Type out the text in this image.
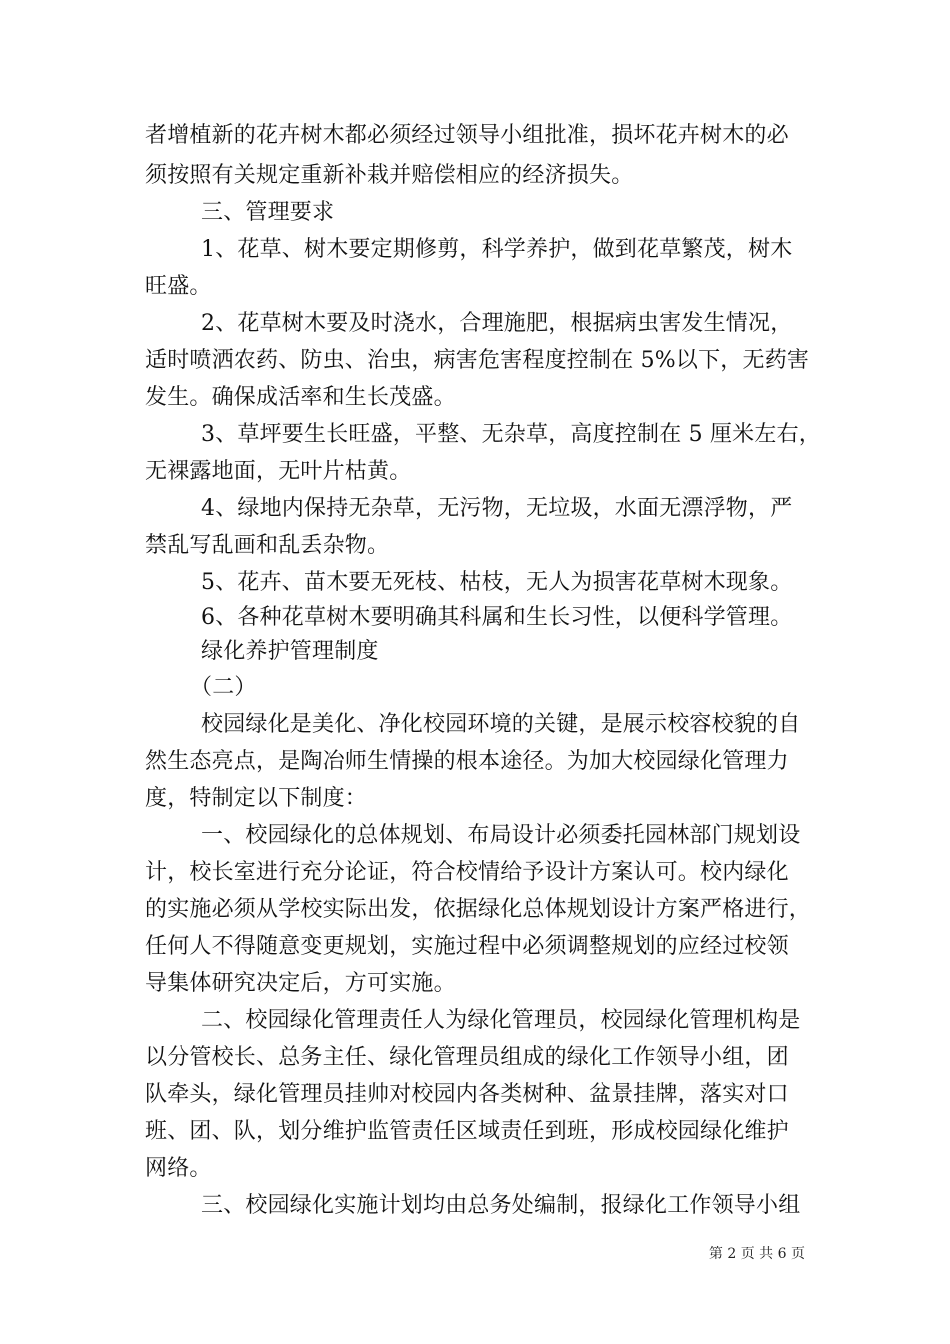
者增植新的花卉树木都必须经过领导小组批准，损坏花卉树木的必
须按照有关规定重新补栽并赔偿相应的经济损失。
三、管理要求
1、花草、树木要定期修剪，科学养护，做到花草繁茂，树木
旺盛。
2、花草树木要及时浇水，合理施肥，根据病虫害发生情况，
适时喷洒农药、防虫、治虫，病害危害程度控制在 5%以下，无药害
发生。确保成活率和生长茂盛。
3、草坪要生长旺盛，平整、无杂草，高度控制在 5 厘米左右，
无裸露地面，无叶片枯黄。
4、绿地内保持无杂草，无污物，无垃圾，水面无漂浮物，严
禁乱写乱画和乱丢杂物。
5、花卉、苗木要无死枝、枯枝，无人为损害花草树木现象。
6、各种花草树木要明确其科属和生长习性，以便科学管理。
绿化养护管理制度
（二）
校园绿化是美化、净化校园环境的关键，是展示校容校貌的自
然生态亮点，是陶冶师生情操的根本途径。为加大校园绿化管理力
度，特制定以下制度：
一、校园绿化的总体规划、布局设计必须委托园林部门规划设
计，校长室进行充分论证，符合校情给予设计方案认可。校内绿化
的实施必须从学校实际出发，依据绿化总体规划设计方案严格进行，
任何人不得随意变更规划，实施过程中必须调整规划的应经过校领
导集体研究决定后，方可实施。
二、校园绿化管理责任人为绿化管理员，校园绿化管理机构是
以分管校长、总务主任、绿化管理员组成的绿化工作领导小组，团
队牵头，绿化管理员挂帅对校园内各类树种、盆景挂牌，落实对口
班、团、队，划分维护监管责任区域责任到班，形成校园绿化维护
网络。
三、校园绿化实施计划均由总务处编制，报绿化工作领导小组
第 2 页 共 6 页
